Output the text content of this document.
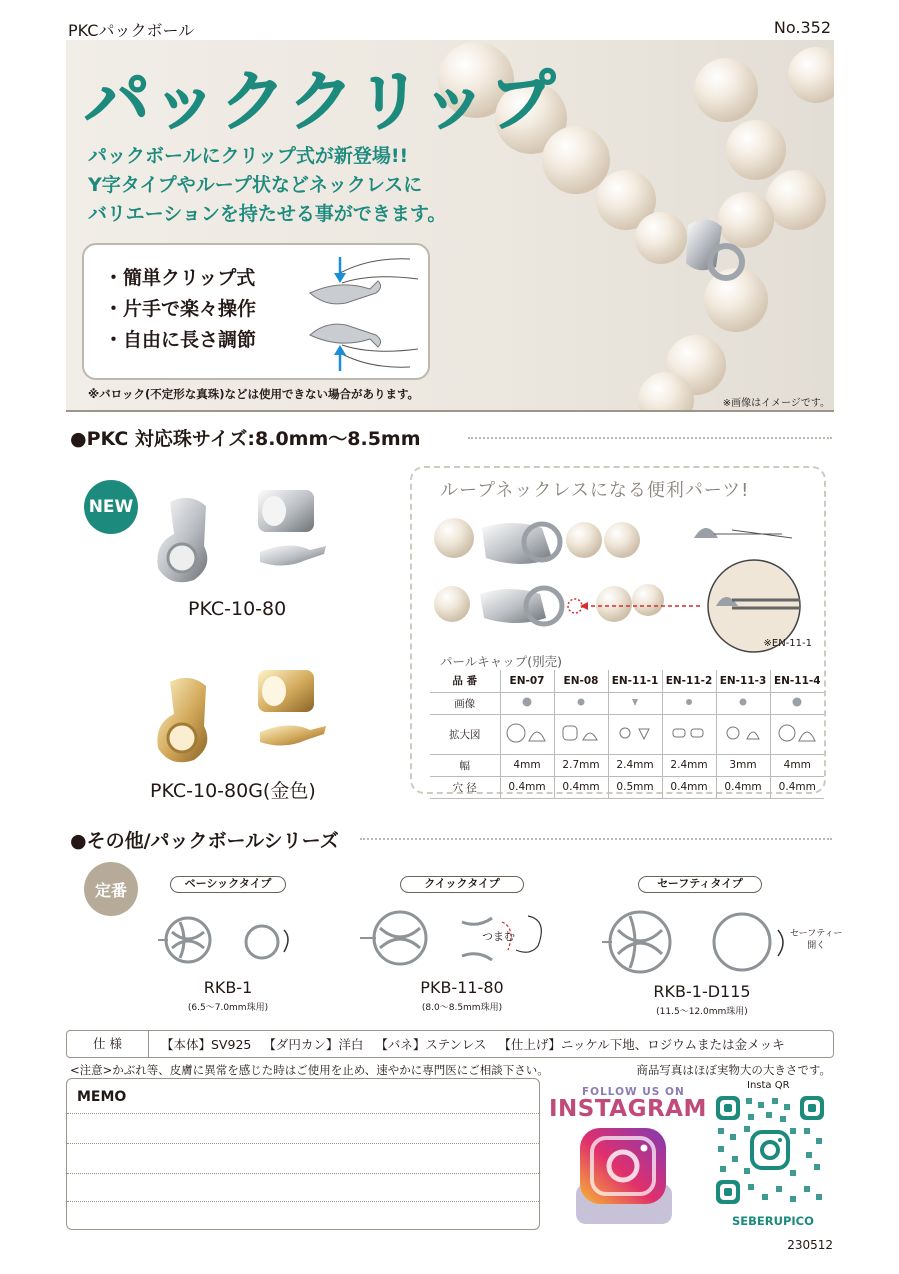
PKCパックボール	No.352
パッククリップ
パックボールにクリップ式が新登場!!
Y字タイプやループ状などネックレスに
バリエーションを持たせる事ができます。
・簡単クリップ式
・片手で楽々操作
・自由に長さ調節
※バロック(不定形な真珠)などは使用できない場合があります。
※画像はイメージです。
●PKC 対応珠サイズ:8.0mm〜8.5mm
NEW
PKC-10-80
PKC-10-80G(金色)
ループネックレスになる便利パーツ!
※EN-11-1
パールキャップ(別売)
品 番	EN-07	EN-08	EN-11-1	EN-11-2	EN-11-3	EN-11-4
画像						
拡大図						
幅	4mm	2.7mm	2.4mm	2.4mm	3mm	4mm
穴 径	0.4mm	0.4mm	0.5mm	0.4mm	0.4mm	0.4mm
●その他/パックボールシリーズ
定番	ベーシックタイプ	クイックタイプ	セーフティタイプ
つまむ	セーフティー
開く
RKB-1
(6.5〜7.0mm珠用)
PKB-11-80
(8.0〜8.5mm珠用)
RKB-1-D115
(11.5〜12.0mm珠用)
仕 様	【本体】SV925 【ダ円カン】洋白 【バネ】ステンレス 【仕上げ】ニッケル下地、ロジウムまたは金メッキ
<注意>かぶれ等、皮膚に異常を感じた時はご使用を止め、速やかに専門医にご相談下さい。	商品写真はほぼ実物大の大きさです。
MEMO	FOLLOW US ON
INSTAGRAM
Insta QR
SEBERUPICO
230512
